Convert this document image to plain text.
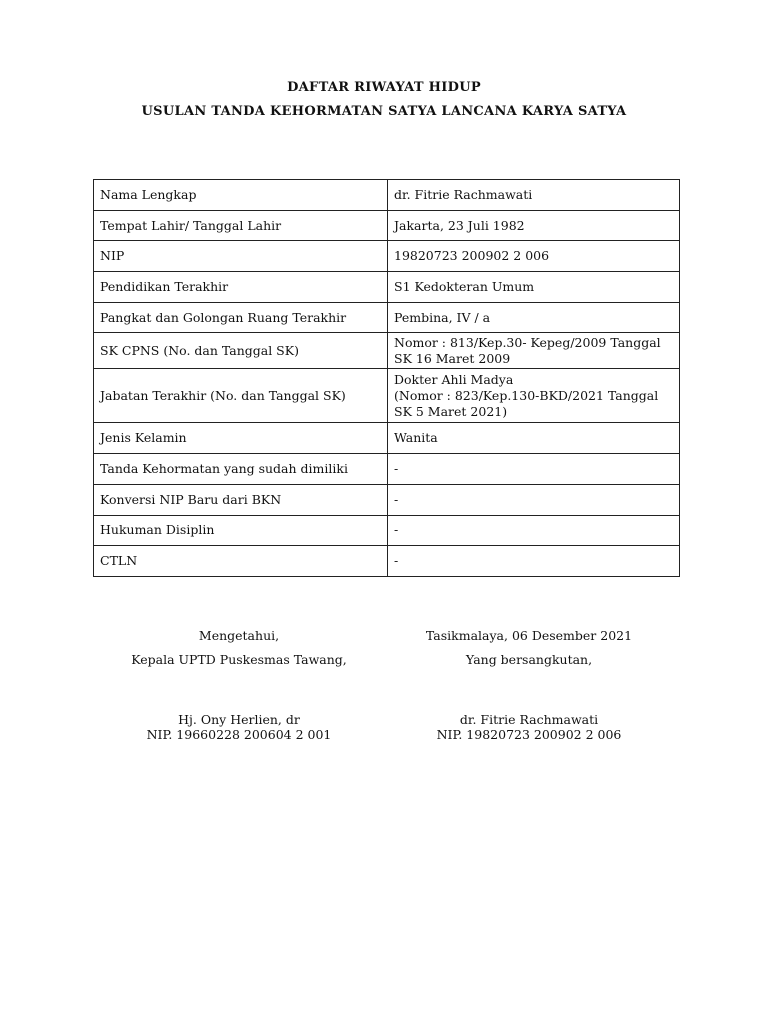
DAFTAR RIWAYAT HIDUP
USULAN TANDA KEHORMATAN SATYA LANCANA KARYA SATYA
Nama Lengkap	dr. Fitrie Rachmawati
Tempat Lahir/ Tanggal Lahir	Jakarta, 23 Juli 1982
NIP	19820723 200902 2 006
Pendidikan Terakhir	S1 Kedokteran Umum
Pangkat dan Golongan Ruang Terakhir	Pembina, IV / a
SK CPNS (No. dan Tanggal SK)	Nomor : 813/Kep.30- Kepeg/2009 Tanggal
SK 16 Maret 2009

Jabatan Terakhir (No. dan Tanggal SK)	Dokter Ahli Madya
(Nomor : 823/Kep.130-BKD/2021 Tanggal
SK 5 Maret 2021)

Jenis Kelamin	Wanita
Tanda Kehormatan yang sudah dimiliki	-
Konversi NIP Baru dari BKN	-
Hukuman Disiplin	-
CTLN	-
Mengetahui,
Kepala UPTD Puskesmas Tawang,
Hj. Ony Herlien, dr
NIP. 19660228 200604 2 001
Tasikmalaya, 06 Desember 2021
Yang bersangkutan,
dr. Fitrie Rachmawati
NIP. 19820723 200902 2 006
